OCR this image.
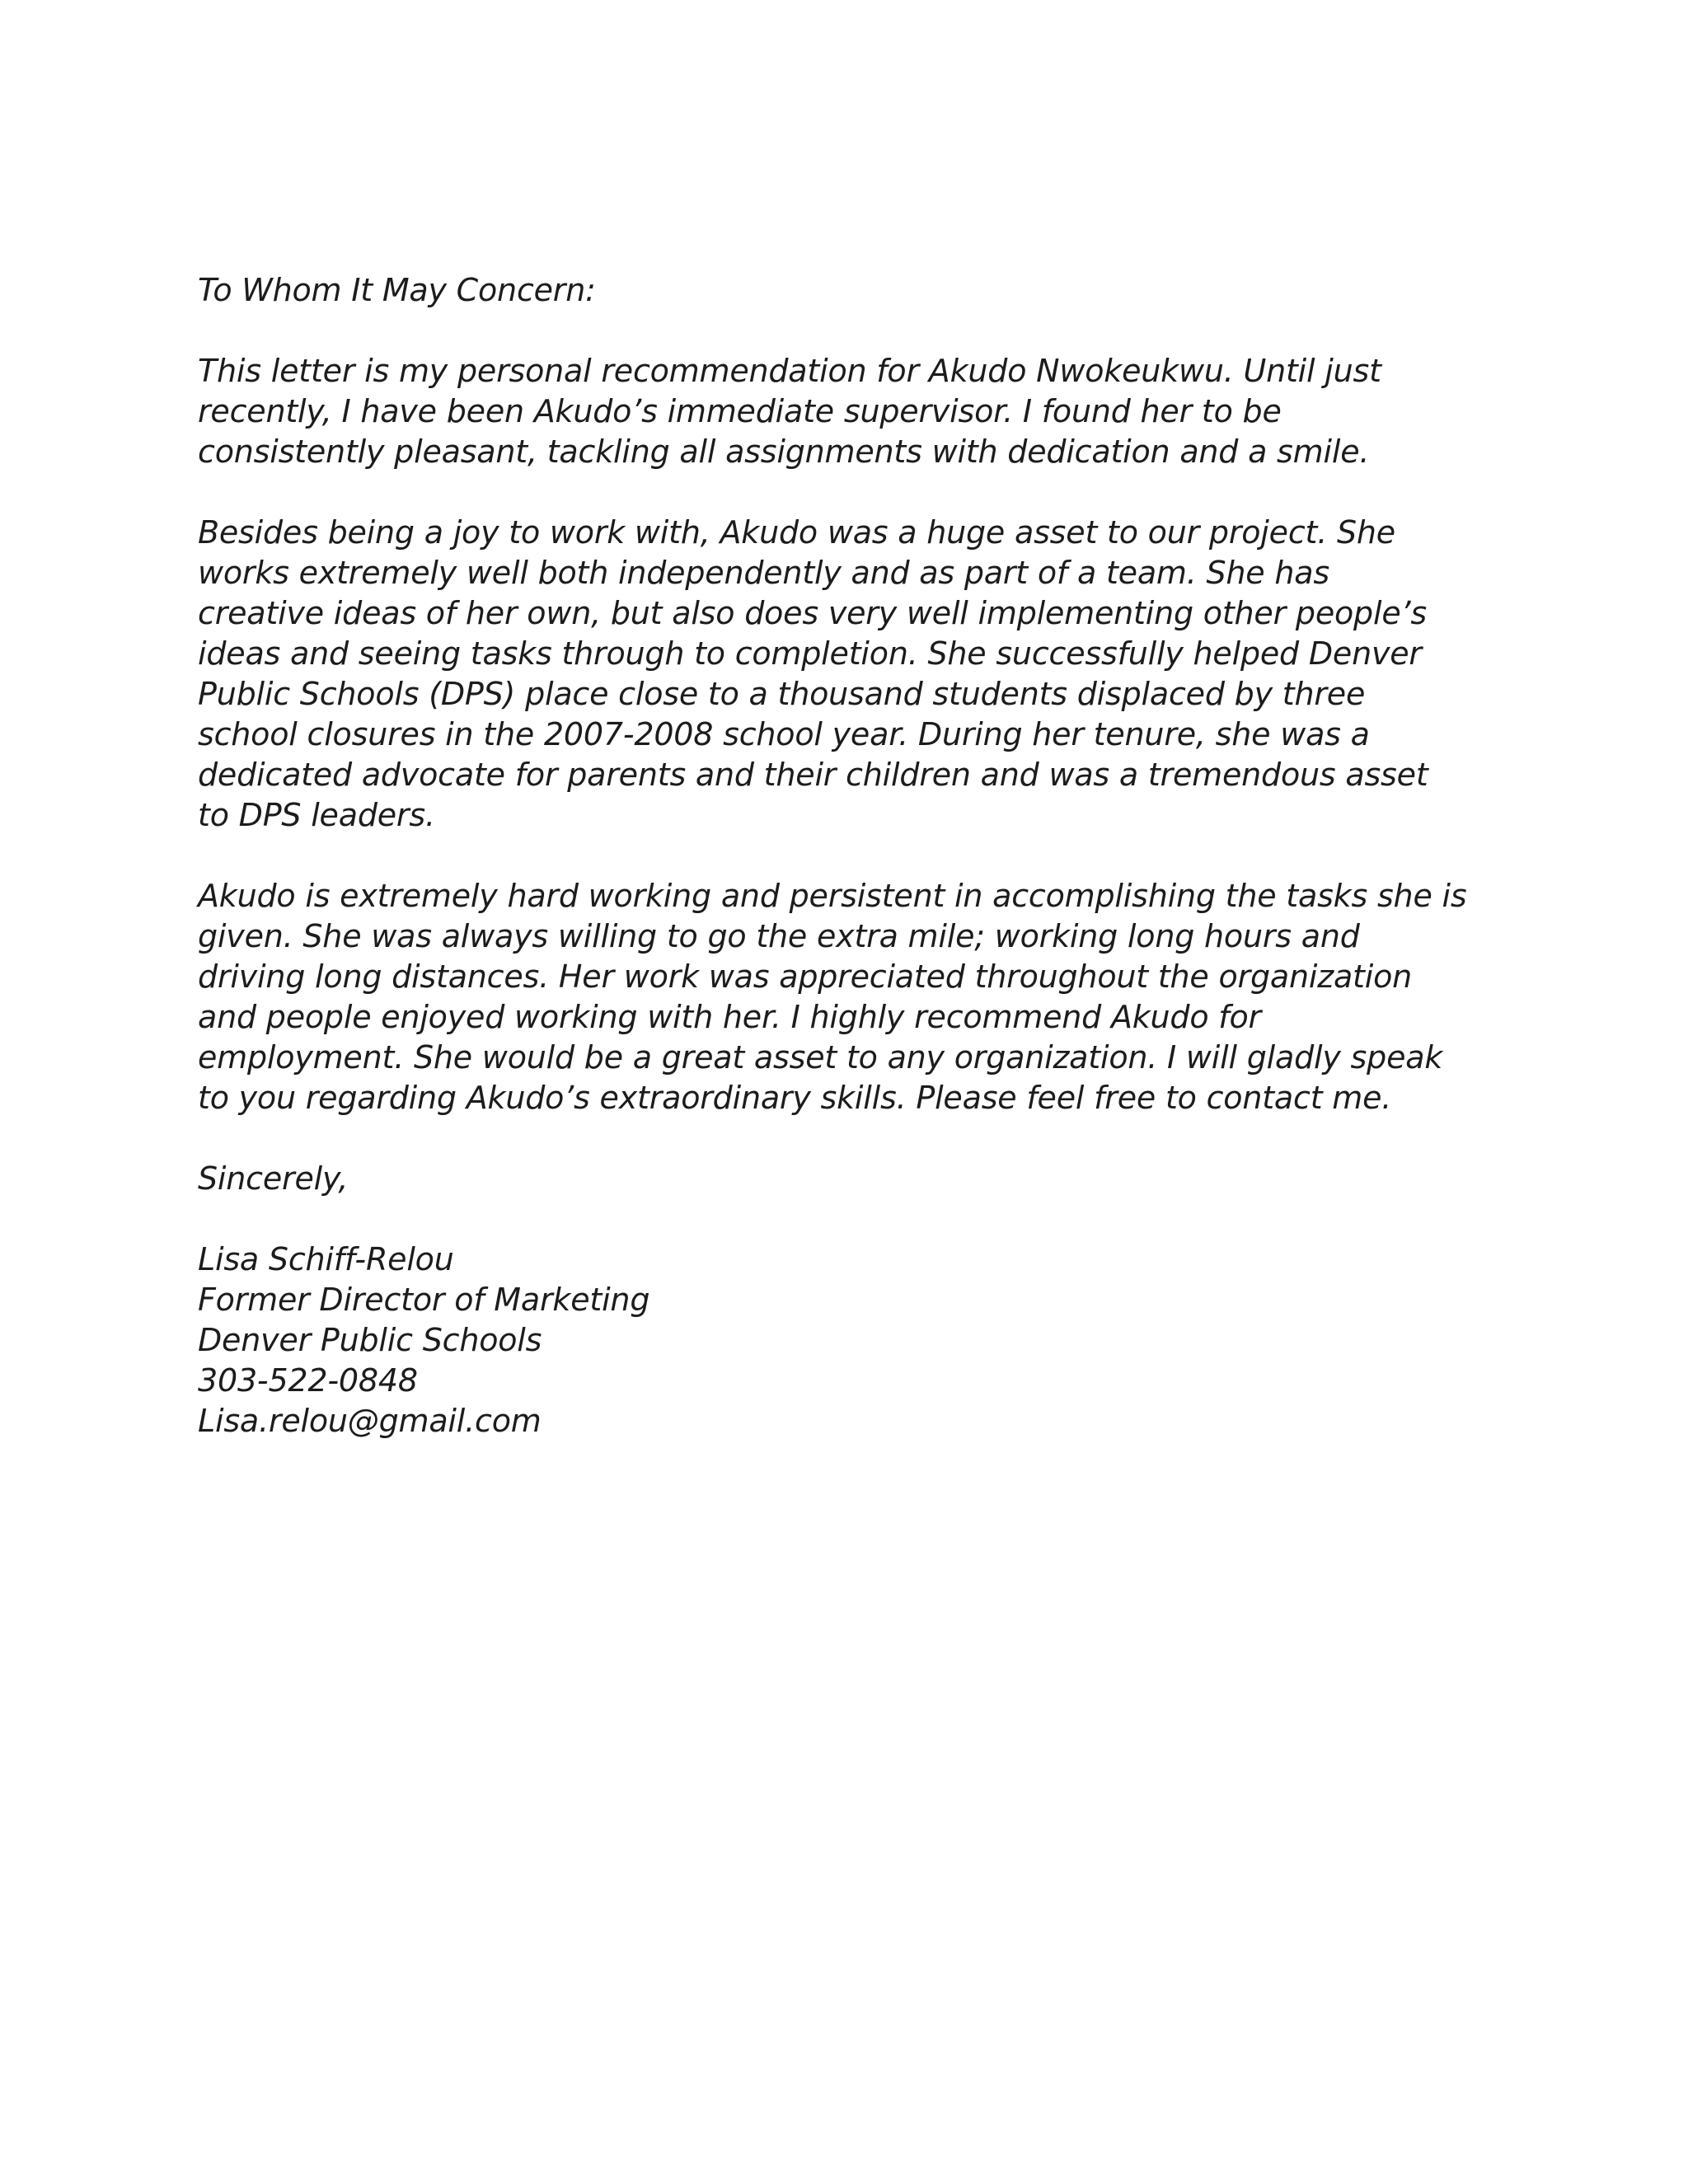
To Whom It May Concern:
This letter is my personal recommendation for Akudo Nwokeukwu. Until just
recently, I have been Akudo’s immediate supervisor. I found her to be
consistently pleasant, tackling all assignments with dedication and a smile.
Besides being a joy to work with, Akudo was a huge asset to our project. She
works extremely well both independently and as part of a team. She has
creative ideas of her own, but also does very well implementing other people’s
ideas and seeing tasks through to completion. She successfully helped Denver
Public Schools (DPS) place close to a thousand students displaced by three
school closures in the 2007-2008 school year. During her tenure, she was a
dedicated advocate for parents and their children and was a tremendous asset
to DPS leaders.
Akudo is extremely hard working and persistent in accomplishing the tasks she is
given. She was always willing to go the extra mile; working long hours and
driving long distances. Her work was appreciated throughout the organization
and people enjoyed working with her. I highly recommend Akudo for
employment. She would be a great asset to any organization. I will gladly speak
to you regarding Akudo’s extraordinary skills. Please feel free to contact me.
Sincerely,
Lisa Schiff-Relou
Former Director of Marketing
Denver Public Schools
303-522-0848
Lisa.relou@gmail.com
